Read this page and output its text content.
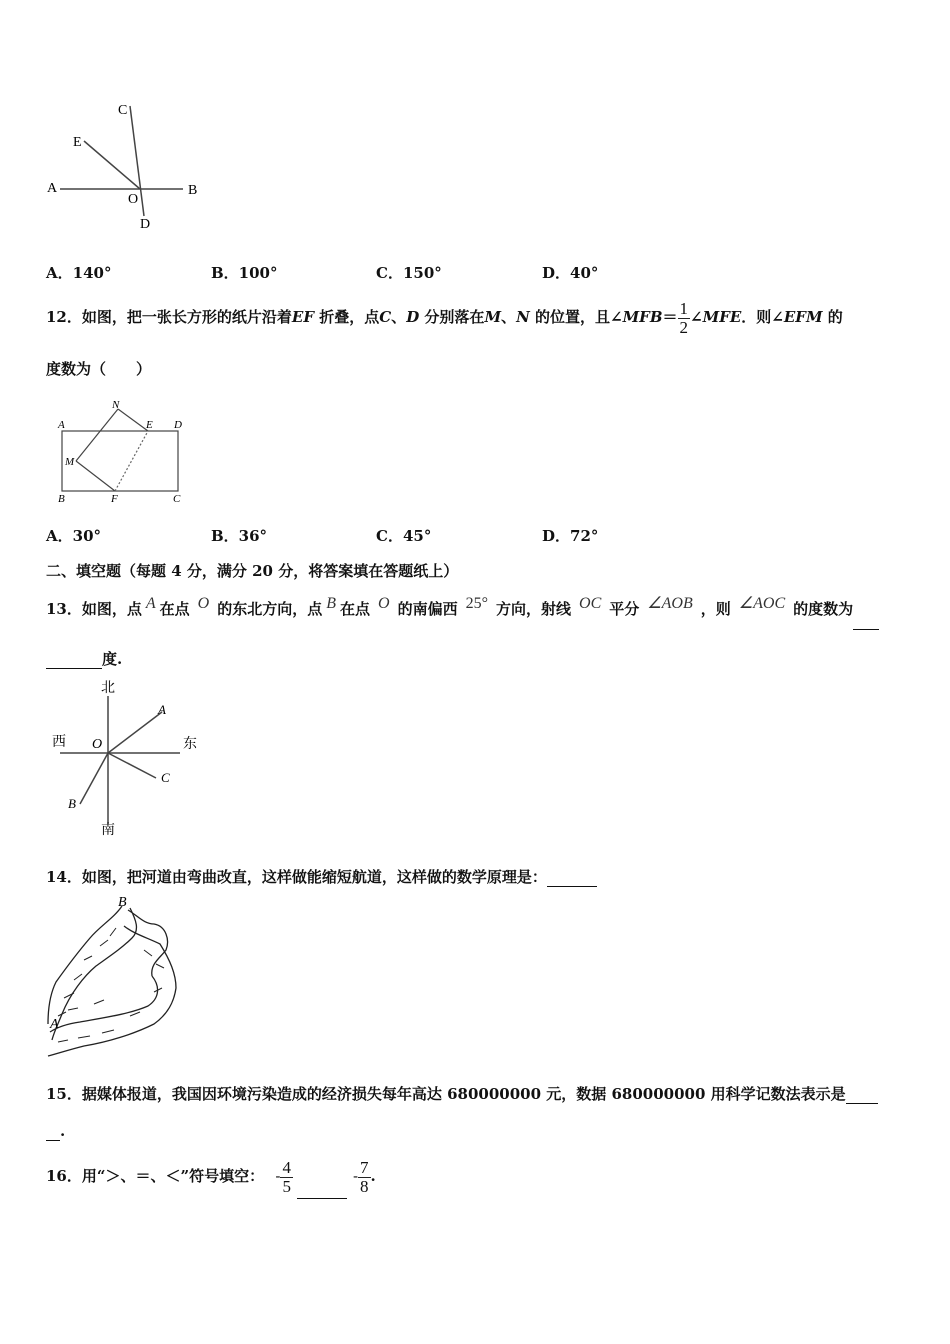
C
E
A
O
B
D
A．140°	B．100°	C．150°	D．40°
12．如图，把一张长方形的纸片沿着EF 折叠，点C、D 分别落在M、N 的位置，且∠MFB＝ $\frac{1}{2}$ ∠MFE．则∠EFM 的
度数为（　　）
A
N
E D
M
B	F	C
A．30°	B．36°	C．45°	D．72°
二、填空题（每题 4 分，满分 20 分，将答案填在答题纸上）
13．如图，点 $^A$ 在点 $^O$ 的东北方向，点 $^B$ 在点 $^O$ 的南偏西 $^{25^\circ}$ 方向，射线 $^{OC}$ 平分 $^{\angle AOB}$ ，则 $^{\angle AOC}$ 的度数为
度.
北
西	东
南
O
A
C
B
14．如图，把河道由弯曲改直，这样做能缩短航道，这样做的数学原理是：
B
A
15．据媒体报道，我国因环境污染造成的经济损失每年高达 680000000 元，数据 680000000 用科学记数法表示是
.
16．用“＞、＝、＜”符号填空： - $\frac{4}{5}$	- $\frac{7}{8}$ .
